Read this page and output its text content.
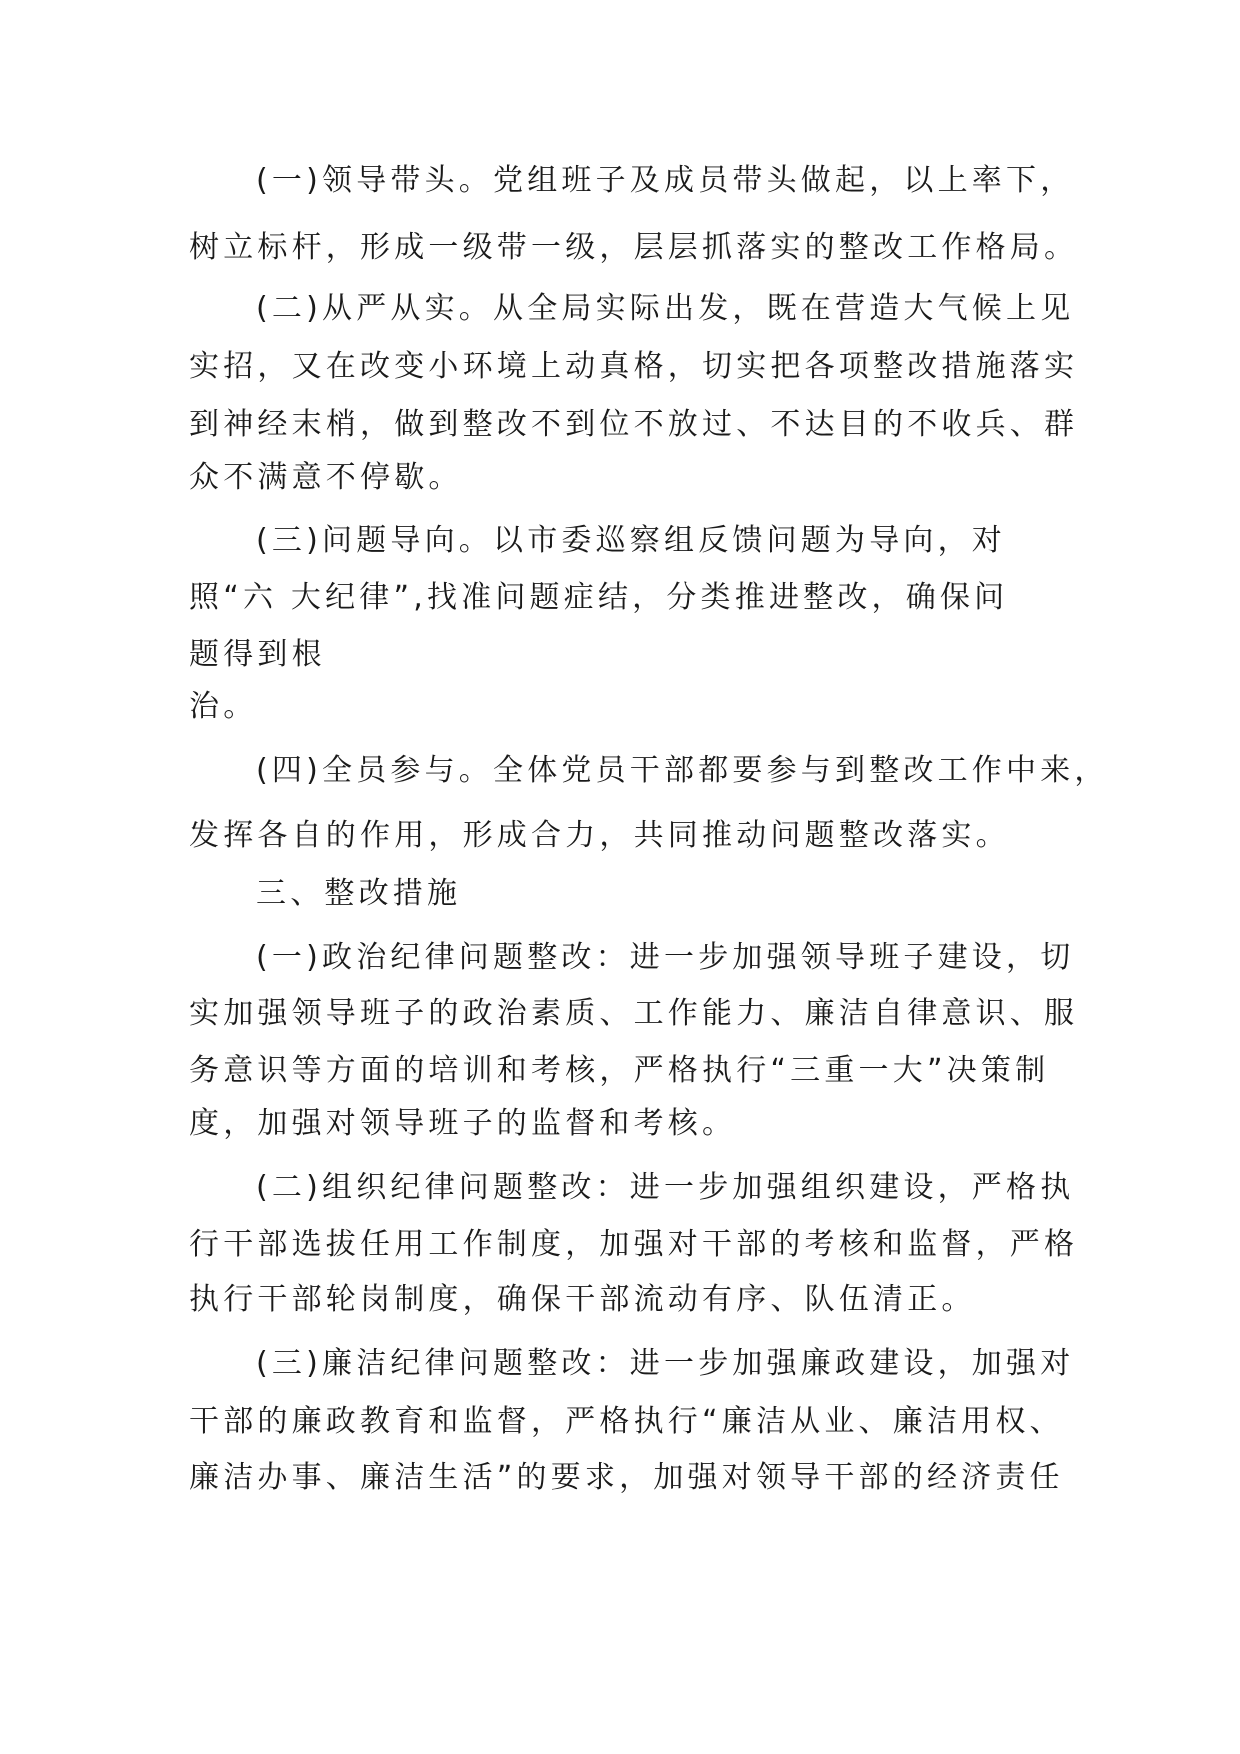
(一)领导带头。党组班子及成员带头做起，以上率下，
树立标杆，形成一级带一级，层层抓落实的整改工作格局。
(二)从严从实。从全局实际出发，既在营造大气候上见
实招，又在改变小环境上动真格，切实把各项整改措施落实
到神经末梢，做到整改不到位不放过、不达目的不收兵、群
众不满意不停歇。
(三)问题导向。以市委巡察组反馈问题为导向，对
照“六 大纪律”,找准问题症结，分类推进整改，确保问
题得到根
治。
(四)全员参与。全体党员干部都要参与到整改工作中来，
发挥各自的作用，形成合力，共同推动问题整改落实。
三、整改措施
(一)政治纪律问题整改：进一步加强领导班子建设，切
实加强领导班子的政治素质、工作能力、廉洁自律意识、服
务意识等方面的培训和考核，严格执行“三重一大”决策制
度，加强对领导班子的监督和考核。
(二)组织纪律问题整改：进一步加强组织建设，严格执
行干部选拔任用工作制度，加强对干部的考核和监督，严格
执行干部轮岗制度，确保干部流动有序、队伍清正。
(三)廉洁纪律问题整改：进一步加强廉政建设，加强对
干部的廉政教育和监督，严格执行“廉洁从业、廉洁用权、
廉洁办事、廉洁生活”的要求，加强对领导干部的经济责任
